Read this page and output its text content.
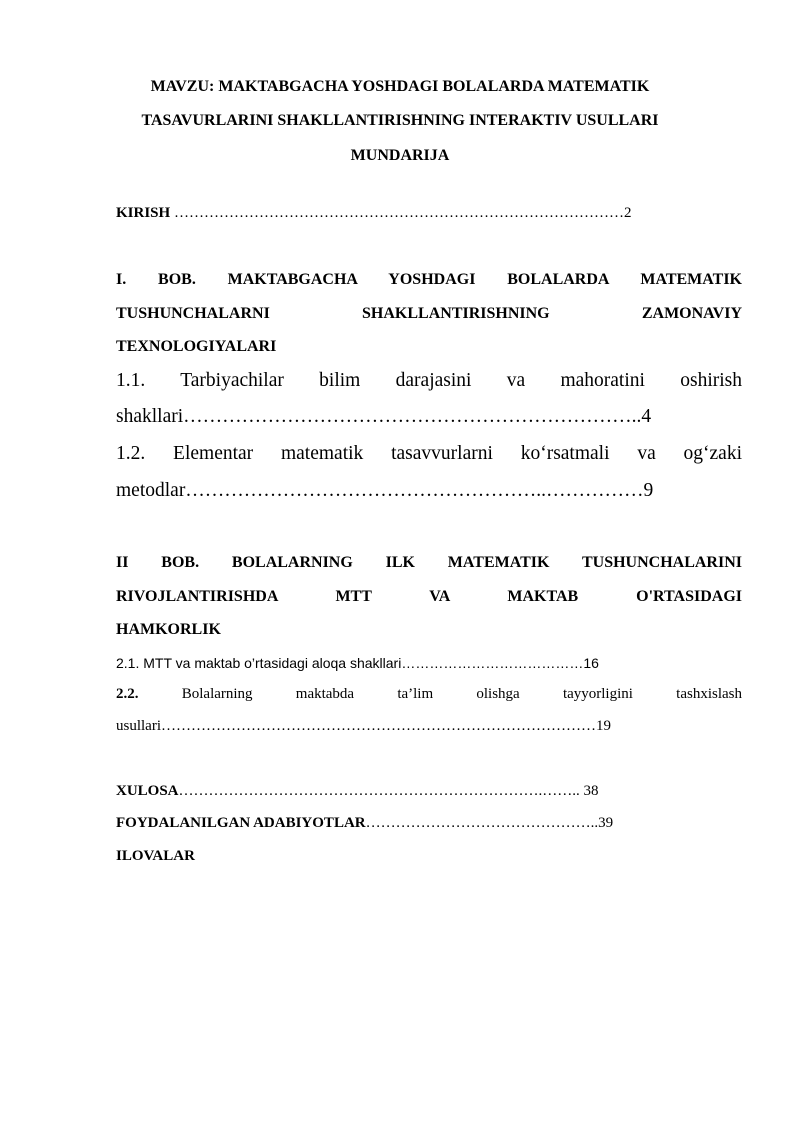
MAVZU: MAKTABGACHA YOSHDAGI BOLALARDA MATEMATIK
TASAVURLARINI SHAKLLANTIRISHNING INTERAKTIV USULLARI
MUNDARIJA
KIRISH ………………………………………………………………………………2
I. BOB. MAKTABGACHA YOSHDAGI BOLALARDA MATEMATIK
TUSHUNCHALARNI SHAKLLANTIRISHNING ZAMONAVIY
TEXNOLOGIYALARI
1.1. Tarbiyachilar bilim darajasini va mahoratini oshirish
shakllari……………………………………………………………..4
1.2. Elementar matematik tasavvurlarni ko‘rsatmali va og‘zaki
metodlar………………………………………………..……………9
II BOB. BOLALARNING ILK MATEMATIK TUSHUNCHALARINI
RIVOJLANTIRISHDA MTT VA MAKTAB O'RTASIDAGI
HAMKORLIK
2.1. MTT va maktab o’rtasidagi aloqa shakllari…………………………………16
2.2.	Bolalarning maktabda ta’lim olishga tayyorligini tashxislash
usullari……………………………………………………………………………19
XULOSA……………………………………………………………….…….. 38
FOYDALANILGAN ADABIYOTLAR………………………………………..39
ILOVALAR
